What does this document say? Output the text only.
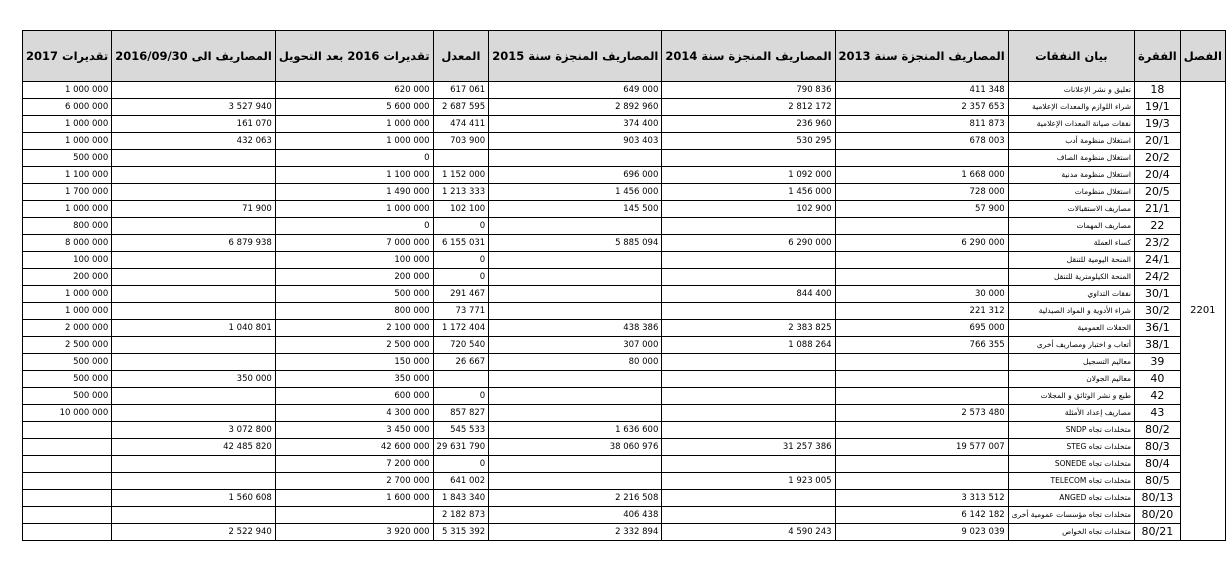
تقديرات 2017	المصاريف الى 2016/09/30	تقديرات 2016 بعد التحويل	المعدل	المصاريف المنجزة سنة 2015	المصاريف المنجزة سنة 2014	المصاريف المنجزة سنة 2013	بيان النفقات	الفقرة	الفصل
1 000 000		620 000	617 061	649 000	790 836	411 348	تعليق و نشر الإعلانات	18	2201
6 000 000	3 527 940	5 600 000	2 687 595	2 892 960	2 812 172	2 357 653	شراء اللوازم والمعدات الإعلامية	19/1	
1 000 000	161 070	1 000 000	474 411	374 400	236 960	811 873	نفقات صيانة المعدات الإعلامية	19/3	
1 000 000	432 063	1 000 000	703 900	903 403	530 295	678 003	استغلال منظومة أدب	20/1	
500 000		0					استغلال منظومة الصاف	20/2	
1 100 000		1 100 000	1 152 000	696 000	1 092 000	1 668 000	استغلال منظومة مدنية	20/4	
1 700 000		1 490 000	1 213 333	1 456 000	1 456 000	728 000	استغلال منظومات	20/5	
1 000 000	71 900	1 000 000	102 100	145 500	102 900	57 900	مصاريف الاستقبالات	21/1	
800 000		0	0				مصاريف المهمات	22	
8 000 000	6 879 938	7 000 000	6 155 031	5 885 094	6 290 000	6 290 000	كساء العملة	23/2	
100 000		100 000	0				المنحة اليومية للتنقل	24/1	
200 000		200 000	0				المنحة الكيلومترية للتنقل	24/2	
1 000 000		500 000	291 467		844 400	30 000	نفقات التداوي	30/1	
1 000 000		800 000	73 771			221 312	شراء الأدوية و المواد الصيدلية	30/2	
2 000 000	1 040 801	2 100 000	1 172 404	438 386	2 383 825	695 000	الحفلات العمومية	36/1	
2 500 000		2 500 000	720 540	307 000	1 088 264	766 355	أتعاب و اختبار ومصاريف أخرى	38/1	
500 000		150 000	26 667	80 000			معاليم التسجيل	39	
500 000	350 000	350 000					معاليم الجولان	40	
500 000		600 000	0				طبع و نشر الوثائق و المجلات	42	
10 000 000		4 300 000	857 827			2 573 480	مصاريف إعداد الأمثلة	43	
	3 072 800	3 450 000	545 533	1 636 600			متخلدات تجاه SNDP	80/2	
	42 485 820	42 600 000	29 631 790	38 060 976	31 257 386	19 577 007	متخلدات تجاه STEG	80/3	
		7 200 000	0				متخلدات تجاه SONEDE	80/4	
		2 700 000	641 002		1 923 005		متخلدات تجاه TELECOM	80/5	
	1 560 608	1 600 000	1 843 340	2 216 508		3 313 512	متخلدات تجاه ANGED	80/13	
			2 182 873	406 438		6 142 182	متخلدات تجاه مؤسسات عمومية أخرى	80/20	
	2 522 940	3 920 000	5 315 392	2 332 894	4 590 243	9 023 039	متخلدات تجاه الخواص	80/21	
